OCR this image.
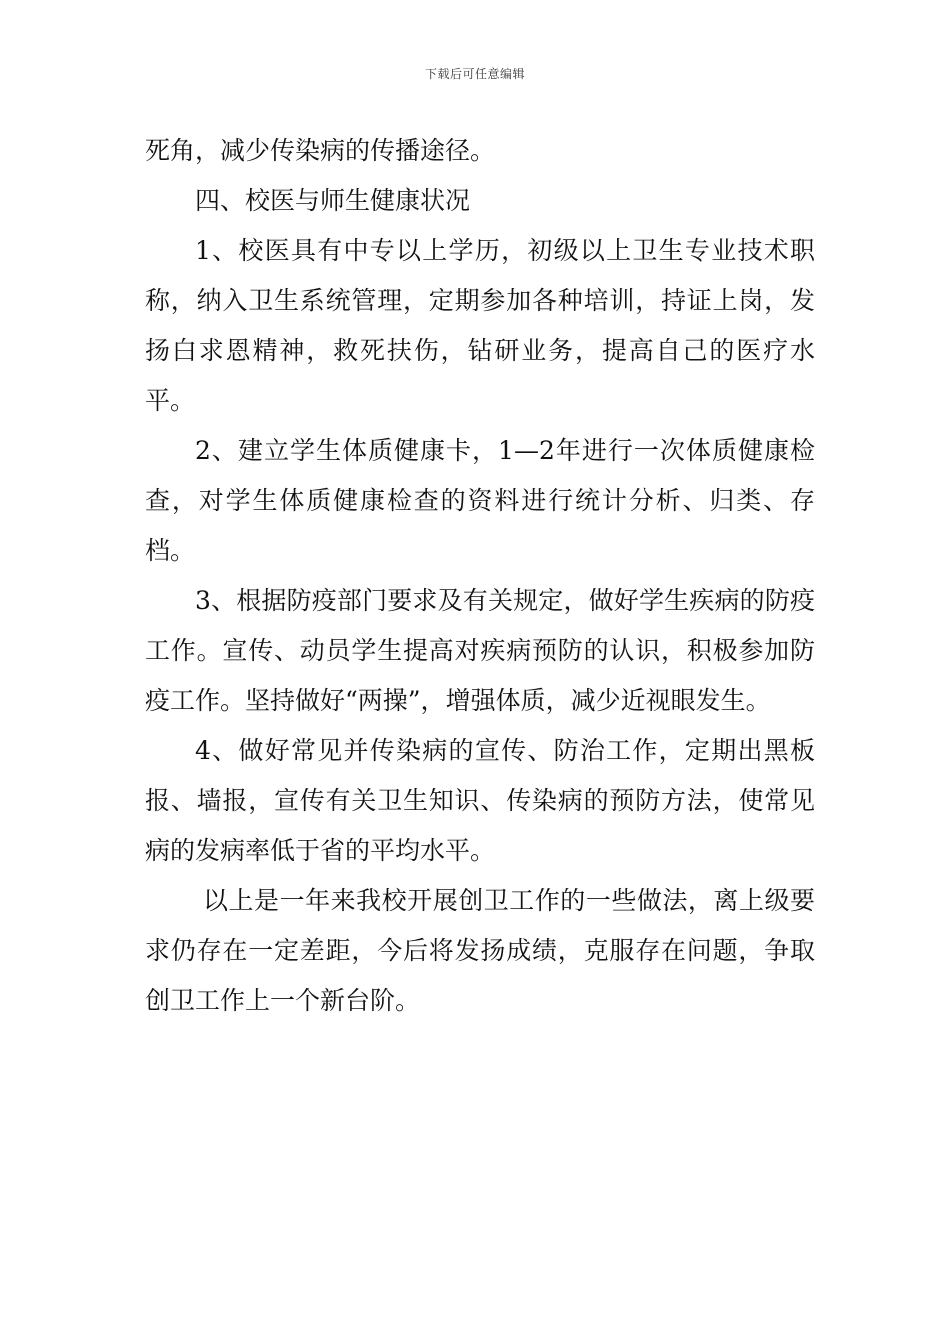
下载后可任意编辑

死角，减少传染病的传播途径。

四、校医与师生健康状况

1、校医具有中专以上学历，初级以上卫生专业技术职称，纳入卫生系统管理，定期参加各种培训，持证上岗，发扬白求恩精神，救死扶伤，钻研业务，提高自己的医疗水平。

2、建立学生体质健康卡，1—2年进行一次体质健康检查，对学生体质健康检查的资料进行统计分析、归类、存档。

3、根据防疫部门要求及有关规定，做好学生疾病的防疫工作。宣传、动员学生提高对疾病预防的认识，积极参加防疫工作。坚持做好“两操”，增强体质，减少近视眼发生。

4、做好常见并传染病的宣传、防治工作，定期出黑板报、墙报，宣传有关卫生知识、传染病的预防方法，使常见病的发病率低于省的平均水平。

以上是一年来我校开展创卫工作的一些做法，离上级要求仍存在一定差距，今后将发扬成绩，克服存在问题，争取创卫工作上一个新台阶。
